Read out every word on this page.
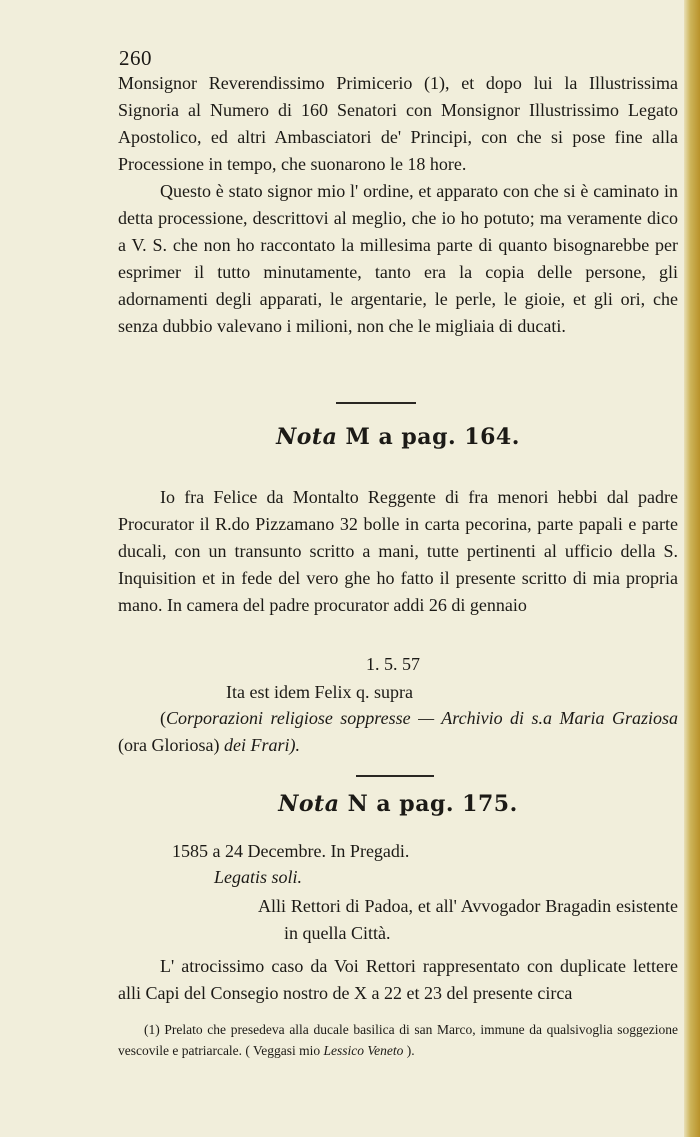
260

Monsignor Reverendissimo Primicerio (1), et dopo lui la Illustrissima Signoria al Numero di 160 Senatori con Monsignor Illustrissimo Legato Apostolico, ed altri Ambasciatori de' Principi, con che si pose fine alla Processione in tempo, che suonarono le 18 hore.

Questo è stato signor mio l' ordine, et apparato con che si è caminato in detta processione, descrittovi al meglio, che io ho potuto; ma veramente dico a V. S. che non ho raccontato la millesima parte di quanto bisognarebbe per esprimer il tutto minutamente, tanto era la copia delle persone, gli adornamenti degli apparati, le argentarie, le perle, le gioie, et gli ori, che senza dubbio valevano i milioni, non che le migliaia di ducati.

Nota M a pag. 164.

Io fra Felice da Montalto Reggente di fra menori hebbi dal padre Procurator il R.do Pizzamano 32 bolle in carta pecorina, parte papali e parte ducali, con un transunto scritto a mani, tutte pertinenti al ufficio della S. Inquisition et in fede del vero ghe ho fatto il presente scritto di mia propria mano. In camera del padre procurator addi 26 di gennaio

1. 5. 57
Ita est idem Felix q. supra
(Corporazioni religiose soppresse — Archivio di s.a Maria Graziosa (ora Gloriosa) dei Frari).
Nota N a pag. 175.
1585 a 24 Decembre. In Pregadi.
Legatis soli.

Alli Rettori di Padoa, et all' Avvogador Bragadin esistente in quella Città.

L' atrocissimo caso da Voi Rettori rappresentato con duplicate lettere alli Capi del Consegio nostro de X a 22 et 23 del presente circa

(1) Prelato che presedeva alla ducale basilica di san Marco, immune da qualsivoglia soggezione vescovile e patriarcale. ( Veggasi mio Lessico Veneto ).
